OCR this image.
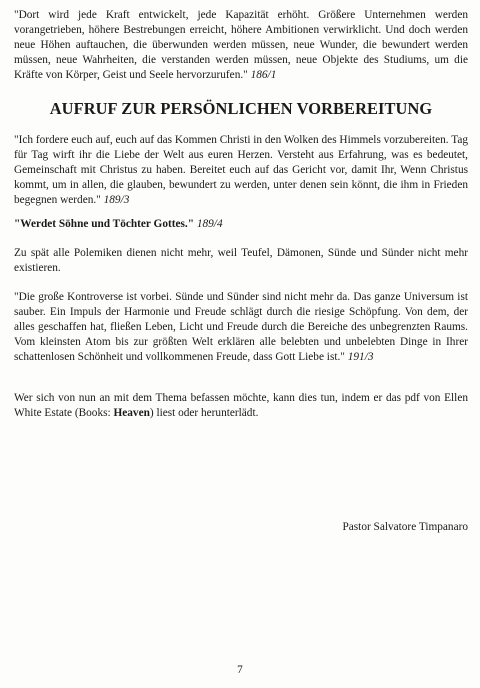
"Dort wird jede Kraft entwickelt, jede Kapazität erhöht. Größere Unternehmen werden vorangetrieben, höhere Bestrebungen erreicht, höhere Ambitionen verwirklicht. Und doch werden neue Höhen auftauchen, die überwunden werden müssen, neue Wunder, die bewundert werden müssen, neue Wahrheiten, die verstanden werden müssen, neue Objekte des Studiums, um die Kräfte von Körper, Geist und Seele hervorzurufen." 186/1

AUFRUF ZUR PERSÖNLICHEN VORBEREITUNG

"Ich fordere euch auf, euch auf das Kommen Christi in den Wolken des Himmels vorzubereiten. Tag für Tag wirft ihr die Liebe der Welt aus euren Herzen. Versteht aus Erfahrung, was es bedeutet, Gemeinschaft mit Christus zu haben. Bereitet euch auf das Gericht vor, damit Ihr, Wenn Christus kommt, um in allen, die glauben, bewundert zu werden, unter denen sein könnt, die ihm in Frieden begegnen werden." 189/3

"Werdet Söhne und Töchter Gottes." 189/4

Zu spät alle Polemiken dienen nicht mehr, weil Teufel, Dämonen, Sünde und Sünder nicht mehr existieren.

"Die große Kontroverse ist vorbei. Sünde und Sünder sind nicht mehr da. Das ganze Universum ist sauber. Ein Impuls der Harmonie und Freude schlägt durch die riesige Schöpfung. Von dem, der alles geschaffen hat, fließen Leben, Licht und Freude durch die Bereiche des unbegrenzten Raums. Vom kleinsten Atom bis zur größten Welt erklären alle belebten und unbelebten Dinge in Ihrer schattenlosen Schönheit und vollkommenen Freude, dass Gott Liebe ist." 191/3

Wer sich von nun an mit dem Thema befassen möchte, kann dies tun, indem er das pdf von Ellen White Estate (Books: Heaven) liest oder herunterlädt.

Pastor Salvatore Timpanaro
7
